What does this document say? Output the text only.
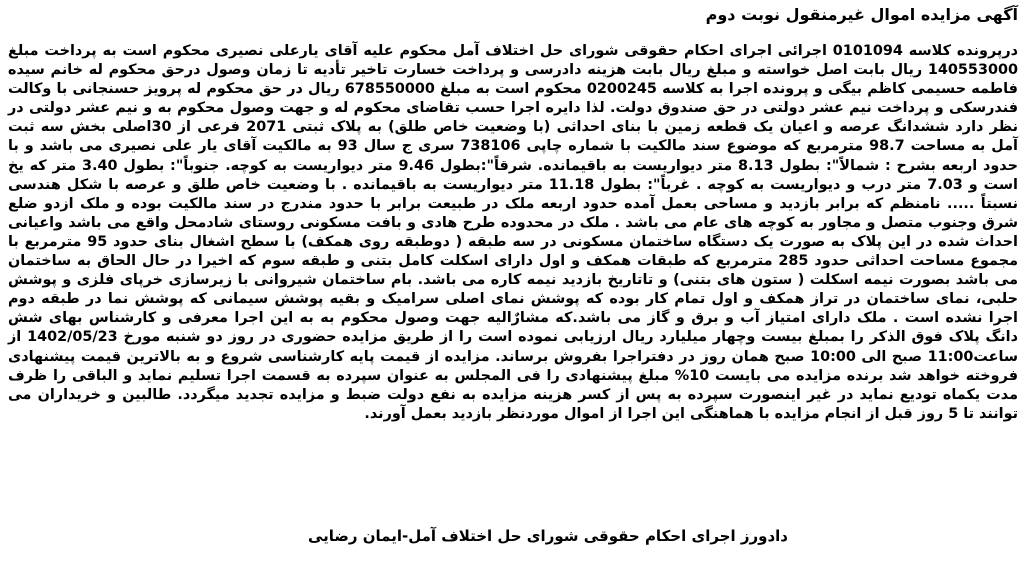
آگهی مزایده اموال غیرمنقول نوبت دوم

درپرونده کلاسه 0101094 اجرائی اجرای احکام حقوقی شورای حل اختلاف آمل محکوم علیه آقای یارعلی نصیری محکوم است به پرداخت مبلغ 140553000 ریال بابت اصل خواسته و مبلغ ریال بابت هزینه دادرسی و پرداخت خسارت تاخیر تأدیه تا زمان وصول درحق محکوم له خانم سیده فاطمه حسیمی کاظم بیگی و پرونده اجرا به کلاسه 0200245 محکوم است به مبلغ 678550000 ریال در حق محکوم له پرویز حسنجانی با وکالت فندرسکی و پرداخت نیم عشر دولتی در حق صندوق دولت. لذا دایره اجرا حسب تقاضای محکوم له و جهت وصول محکوم به و نیم عشر دولتی در نظر دارد ششدانگ عرصه و اعیان یک قطعه زمین با بنای احداثی (با وضعیت خاص طلق) به پلاک ثبتی 2071 فرعی از 30اصلی بخش سه ثبت آمل به مساحت 98.7 مترمربع که موضوع سند مالکیت با شماره چاپی 738106 سری ج سال 93 به مالکیت آقای یار علی نصیری می باشد و با حدود اربعه بشرح : شمالاً": بطول 8.13 متر دیواریست به باقیمانده. شرقاً":بطول 9.46 متر دیواریست به کوچه. جنوباً": بطول 3.40 متر که یخ است و 7.03 متر درب و دیواریست به کوچه . غرباً": بطول 11.18 متر دیواریست به باقیمانده . با وضعیت خاص طلق و عرصه با شکل هندسی نسبتاً ..... نامنظم که برابر بازدید و مساحی بعمل آمده حدود اربعه ملک در طبیعت برابر با حدود مندرج در سند مالکیت بوده و ملک ازدو ضلع شرق وجنوب متصل و مجاور به کوچه های عام می باشد . ملک در محدوده طرح هادی و بافت مسکونی روستای شادمحل واقع می باشد واعیانی احداث شده در این پلاک به صورت یک دستگاه ساختمان مسکونی در سه طبقه ( دوطبقه روی همکف) با سطح اشغال بنای حدود 95 مترمربع با مجموع مساحت احداثی حدود 285 مترمربع که طبقات همکف و اول دارای اسکلت کامل بتنی و طبقه سوم که اخیرا در حال الحاق به ساختمان می باشد بصورت نیمه اسکلت ( ستون های بتنی) و تاتاریخ بازدید نیمه کاره می باشد. بام ساختمان شیروانی با زیرسازی خرپای فلزی و پوشش حلبی، نمای ساختمان در تراز همکف و اول تمام کار بوده که پوشش نمای اصلی سرامیک و بقیه پوشش سیمانی که پوشش نما در طبقه دوم اجرا نشده است . ملک دارای امتیاز آب و برق و گاز می باشد.که مشارٌالیه جهت وصول محکوم به به این اجرا معرفی و کارشناس بهای شش دانگ پلاک فوق الذکر را بمبلغ بیست وچهار میلیارد ریال ارزیابی نموده است را از طریق مزایده حضوری در روز دو شنبه مورخ 1402/05/23 از ساعت11:00 صبح الی 10:00 صبح همان روز در دفتراجرا بفروش برساند. مزایده از قیمت پایه کارشناسی شروع و به بالاترین قیمت پیشنهادی فروخته خواهد شد برنده مزایده می بایست 10% مبلغ پیشنهادی را فی المجلس به عنوان سپرده به قسمت اجرا تسلیم نماید و الباقی را ظرف مدت یکماه تودیع نماید در غیر اینصورت سپرده به پس از کسر هزینه مزایده به نفع دولت ضبط و مزایده تجدید میگردد. طالبین و خریداران می توانند تا 5 روز قبل از انجام مزایده با هماهنگی این اجرا از اموال موردنظر بازدید بعمل آورند.

دادورز اجرای احکام حقوقی شورای حل اختلاف آمل-ایمان رضایی
